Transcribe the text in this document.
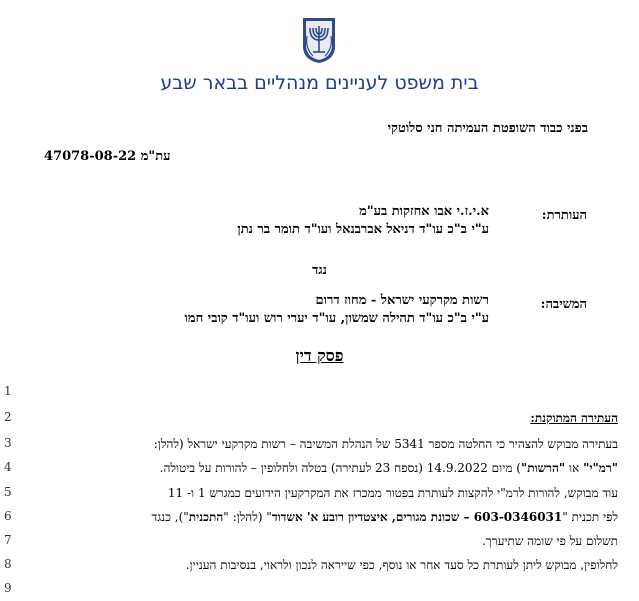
בית משפט לעניינים מנהליים בבאר שבע
בפני כבוד השופטת העמיתה חני סלוטקי
עת"מ 47078-08-22
העותרת:
א.י.ז.י אבו אחזקות בע"מ
ע"י ב"כ עו"ד דניאל אברבנאל ועו"ד תומר בר נתן
נגד
המשיבה:
רשות מקרקעי ישראל - מחוז דרום
ע"י ב"כ עו"ד תהילה שמשון, עו"ד יערי רוש ועו"ד קובי חמו
פסק דין
1
2
3
4
5
6
7
8
9
העתירה המתוקנת:
בעתירה מבוקש להצהיר כי החלטה מספר 5341 של הנהלת המשיבה – רשות מקרקעי ישראל (להלן:
"רמ"י" או "הרשות") מיום 14.9.2022 (נספח 23 לעתירה) בטלה ולחלופין – להורות על ביטולה.
עוד מבוקש, להורות לרמ"י להקצות לעותרת בפטור ממכרז את המקרקעין הידועים כמגרש 1 ו- 11
לפי תכנית "603-0346031 – שכונת מגורים, איצטדיון רובע א' אשדוד" (להלן: "התכנית"), כנגד
תשלום על פי שומה שתיערך.
לחלופין, מבוקש ליתן לעותרת כל סעד אחר או נוסף, כפי שייראה לנכון ולראוי, בנסיבות העניין.
